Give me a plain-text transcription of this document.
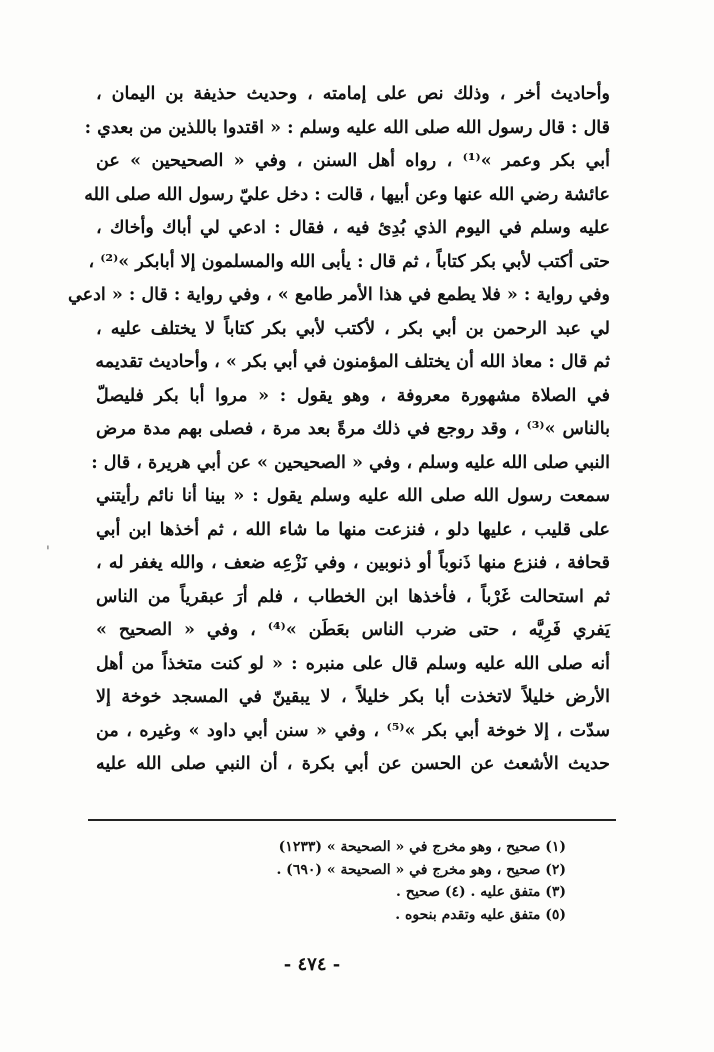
وأحاديث أخر ، وذلك نص على إمامته ، وحديث حذيفة بن اليمان ،
قال : قال رسول الله صلى الله عليه وسلم : « اقتدوا باللذين من بعدي :
أبي بكر وعمر »⁽¹⁾ ، رواه أهل السنن ، وفي « الصحيحين » عن
عائشة رضي الله عنها وعن أبيها ، قالت : دخل عليّ رسول الله صلى الله
عليه وسلم في اليوم الذي بُدِئ فيه ، فقال : ادعي لي أباك وأخاك ،
حتى أكتب لأبي بكر كتاباً ، ثم قال : يأبى الله والمسلمون إلا أبابكر »⁽²⁾ ،
وفي رواية : « فلا يطمع في هذا الأمر طامع » ، وفي رواية : قال : « ادعي
لي عبد الرحمن بن أبي بكر ، لأكتب لأبي بكر كتاباً لا يختلف عليه ،
ثم قال : معاذ الله أن يختلف المؤمنون في أبي بكر » ، وأحاديث تقديمه
في الصلاة مشهورة معروفة ، وهو يقول : « مروا أبا بكر فليصلّ
بالناس »⁽³⁾ ، وقد روجع في ذلك مرةً بعد مرة ، فصلى بهم مدة مرض
النبي صلى الله عليه وسلم ، وفي « الصحيحين » عن أبي هريرة ، قال :
سمعت رسول الله صلى الله عليه وسلم يقول : « بينا أنا نائم رأيتني
على قليب ، عليها دلو ، فنزعت منها ما شاء الله ، ثم أخذها ابن أبي
قحافة ، فنزع منها ذَنوباً أو ذنوبين ، وفي نَزْعِه ضعف ، والله يغفر له ،
ثم استحالت غَرْباً ، فأخذها ابن الخطاب ، فلم أرَ عبقرياً من الناس
يَفري فَرِيَّه ، حتى ضرب الناس بعَطَن »⁽⁴⁾ ، وفي « الصحيح »
أنه صلى الله عليه وسلم قال على منبره : « لو كنت متخذاً من أهل
الأرض خليلاً لاتخذت أبا بكر خليلاً ، لا يبقينّ في المسجد خوخة إلا
سدّت ، إلا خوخة أبي بكر »⁽⁵⁾ ، وفي « سنن أبي داود » وغيره ، من
حديث الأشعث عن الحسن عن أبي بكرة ، أن النبي صلى الله عليه
'
(١) صحيح ، وهو مخرج في « الصحيحة » (١٢٣٣)
(٢) صحيح ، وهو مخرج في « الصحيحة » (٦٩٠) .
(٣) متفق عليه . (٤) صحيح .
(٥) متفق عليه وتقدم بنحوه .
- ٤٧٤ -
